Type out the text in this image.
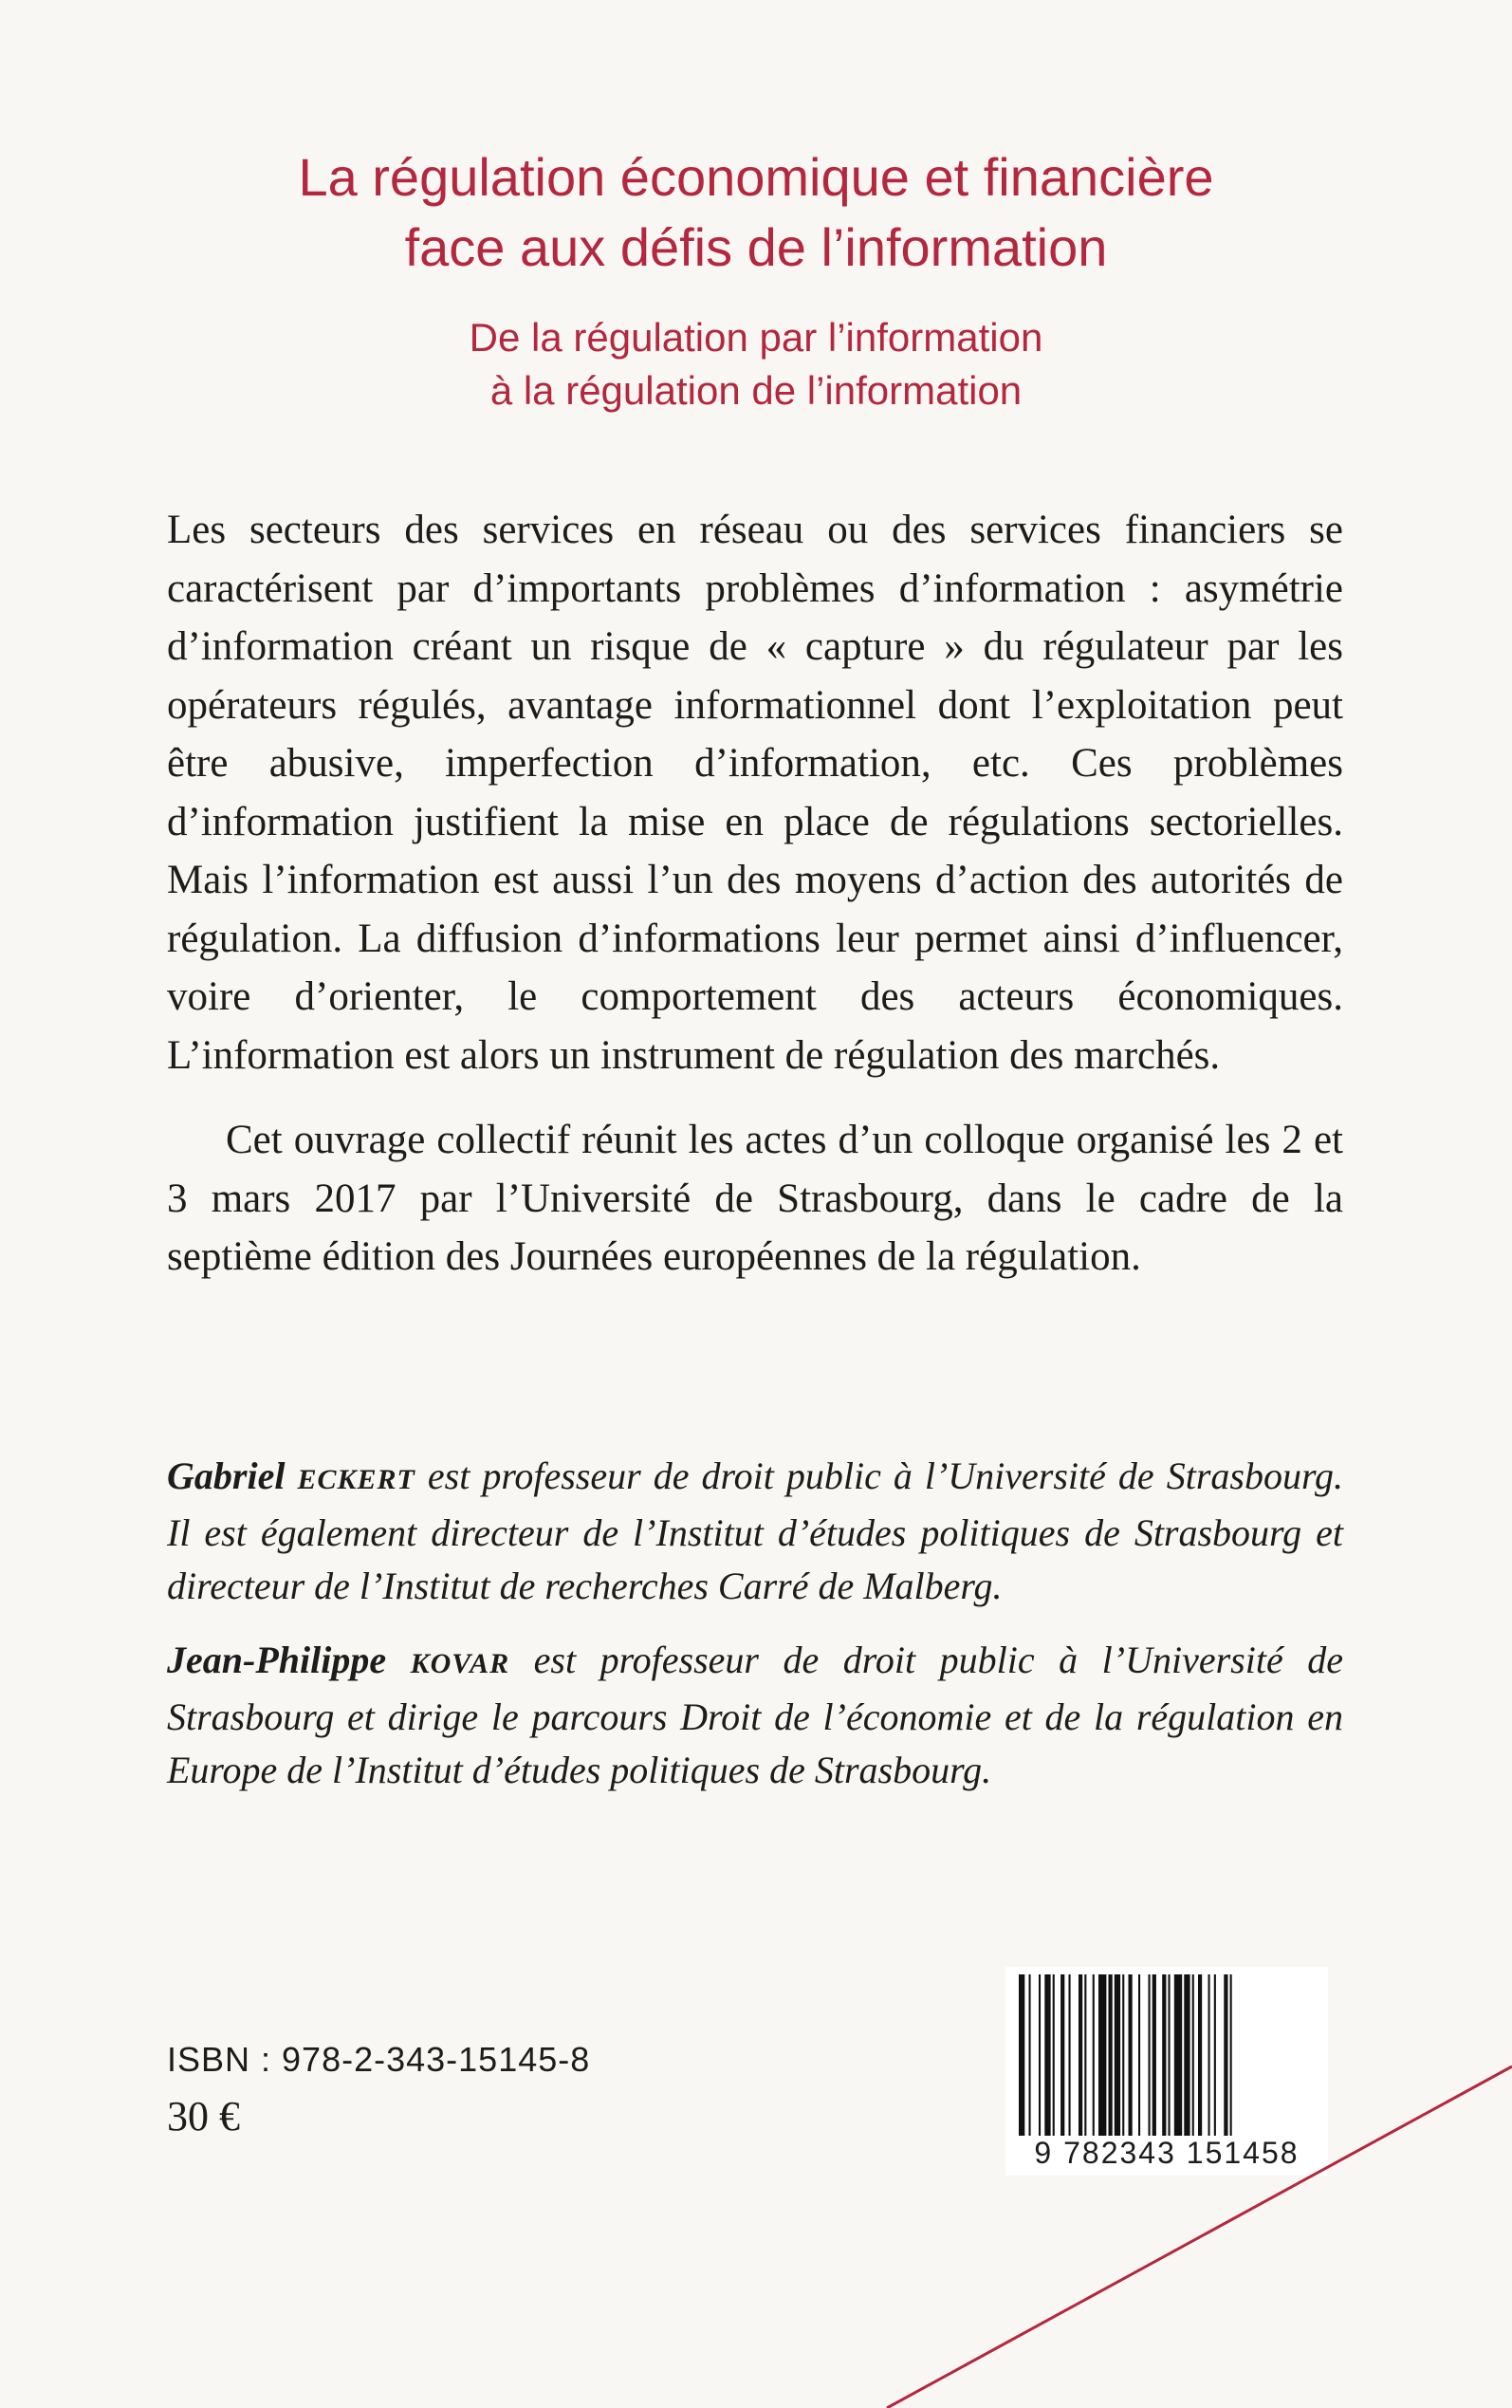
La régulation économique et financière
face aux défis de l’information
De la régulation par l’information
à la régulation de l’information

Les secteurs des services en réseau ou des services financiers se caractérisent par d’importants problèmes d’information : asymétrie d’information créant un risque de « capture » du régulateur par les opérateurs régulés, avantage informationnel dont l’exploitation peut être abusive, imperfection d’information, etc. Ces problèmes d’information justifient la mise en place de régulations sectorielles. Mais l’information est aussi l’un des moyens d’action des autorités de régulation. La diffusion d’informations leur permet ainsi d’influencer, voire d’orienter, le comportement des acteurs économiques. L’information est alors un instrument de régulation des marchés.

Cet ouvrage collectif réunit les actes d’un colloque organisé les 2 et 3 mars 2017 par l’Université de Strasbourg, dans le cadre de la septième édition des Journées européennes de la régulation.

Gabriel ECKERT est professeur de droit public à l’Université de Strasbourg. Il est également directeur de l’Institut d’études politiques de Strasbourg et directeur de l’Institut de recherches Carré de Malberg.

Jean-Philippe KOVAR est professeur de droit public à l’Université de Strasbourg et dirige le parcours Droit de l’économie et de la régulation en Europe de l’Institut d’études politiques de Strasbourg.

ISBN : 978-2-343-15145-8
30 €
9 782343 151458
